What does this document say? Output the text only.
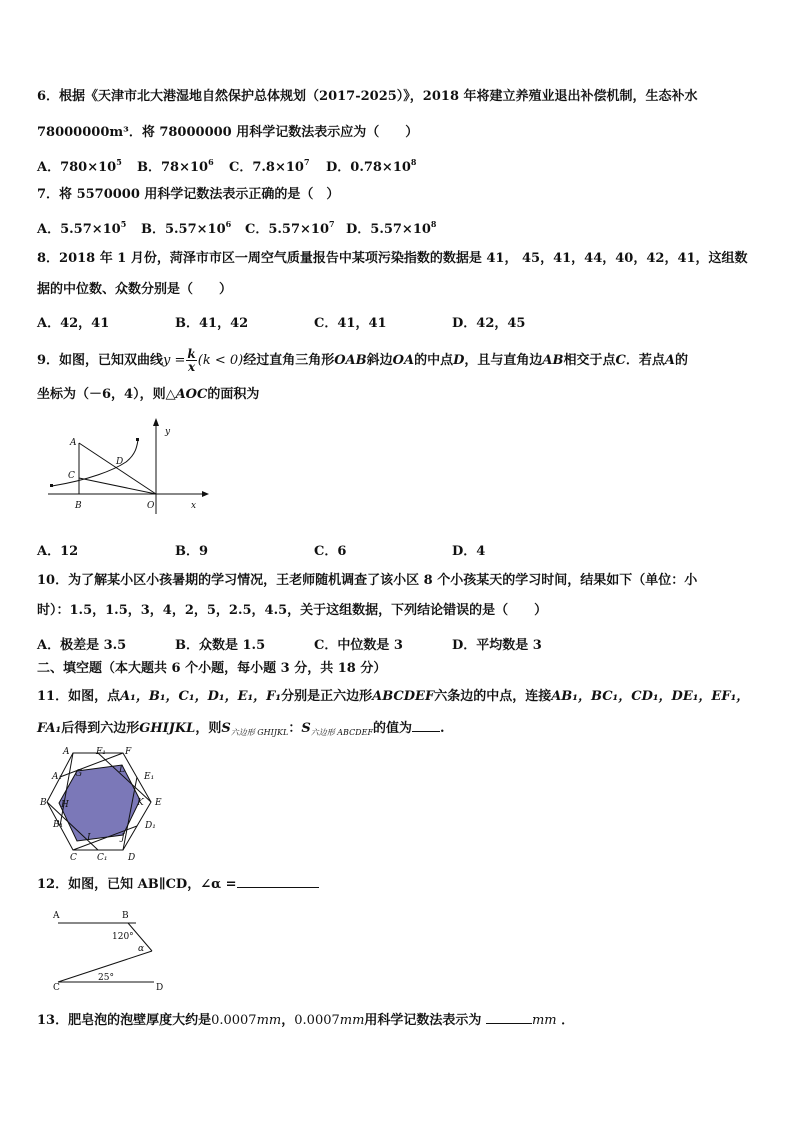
6．根据《天津市北大港湿地自然保护总体规划（2017-2025）》，2018 年将建立养殖业退出补偿机制，生态补水
78000000m³．将 78000000 用科学记数法表示应为（　　）
A．$780\times 10^5$ B．$78\times 10^6$ C．$7.8\times 10^7$ D．$0.78\times 10^8$
7．将 5570000 用科学记数法表示正确的是（　）
A．$5.57\times 10^5$ B．$5.57\times 10^6$ C．$5.57\times 10^7$ D．$5.57\times 10^8$
8．2018 年 1 月份，菏泽市市区一周空气质量报告中某项污染指数的数据是 41， 45，41，44，40，42，41，这组数
据的中位数、众数分别是（　　）
A．42，41	B．41，42	C．41，41	D．42，45
9．如图，已知双曲线$y = \frac{k}{x} (k < 0)$经过直角三角形OAB斜边OA的中点D，且与直角边AB相交于点C．若点A的
坐标为（－6，4），则△AOC的面积为
A
C
D
B	O	x
y
A．12	B．9	C．6	D．4
10．为了解某小区小孩暑期的学习情况，王老师随机调查了该小区 8 个小孩某天的学习时间，结果如下（单位：小
时）：1.5，1.5，3，4，2，5，2.5，4.5，关于这组数据，下列结论错误的是（　　）
A．极差是 3.5	B．众数是 1.5	C．中位数是 3	D．平均数是 3
二、填空题（本大题共 6 个小题，每小题 3 分，共 18 分）
11．如图，点A₁，B₁，C₁，D₁，E₁，F₁分别是正六边形ABCDEF六条边的中点，连接AB₁，BC₁，CD₁，DE₁，EF₁，
FA₁后得到六边形GHIJKL，则$S_{六边形 GHIJKL}$：$S_{六边形 ABCDEF}$的值为 .
A	F₁ F
A₁ G	L
E₁
B H	K E
B₁	D₁
I	J
C C₁ D
12．如图，已知 AB∥CD，∠α =
A	B
120°
α
25°
C	D
13．肥皂泡的泡壁厚度大约是0.0007mm，0.0007mm用科学记数法表示为	mm ．
